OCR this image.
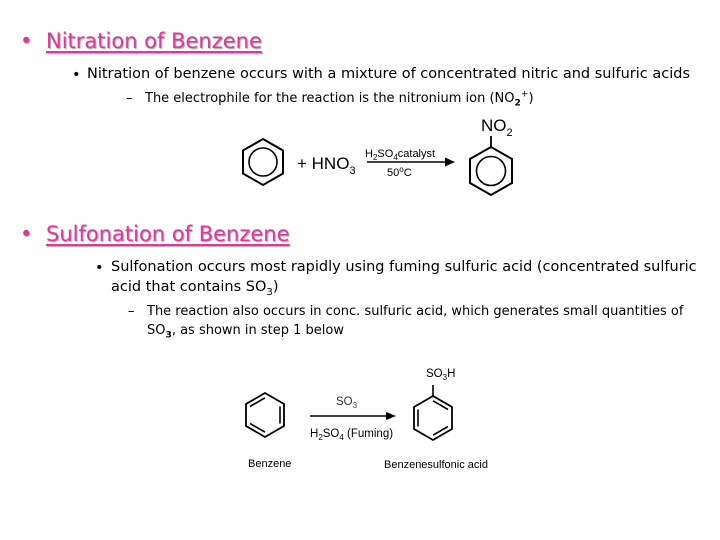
• Nitration of Benzene
• Nitration of benzene occurs with a mixture of concentrated nitric and sulfuric acids
– The electrophile for the reaction is the nitronium ion $(NO_2^+)$
+ $HNO_3$
$H_2SO_4catalyst$
50$^o$C
$NO_2$
• Sulfonation of Benzene
• Sulfonation occurs most rapidly using fuming sulfuric acid (concentrated sulfuric acid that contains $SO_3$)
– The reaction also occurs in conc. sulfuric acid, which generates small quantities of $SO_3$, as shown in step 1 below
$SO_3$
$H_2SO_4$ (Fuming)
$SO_3H$
Benzene	Benzenesulfonic acid
